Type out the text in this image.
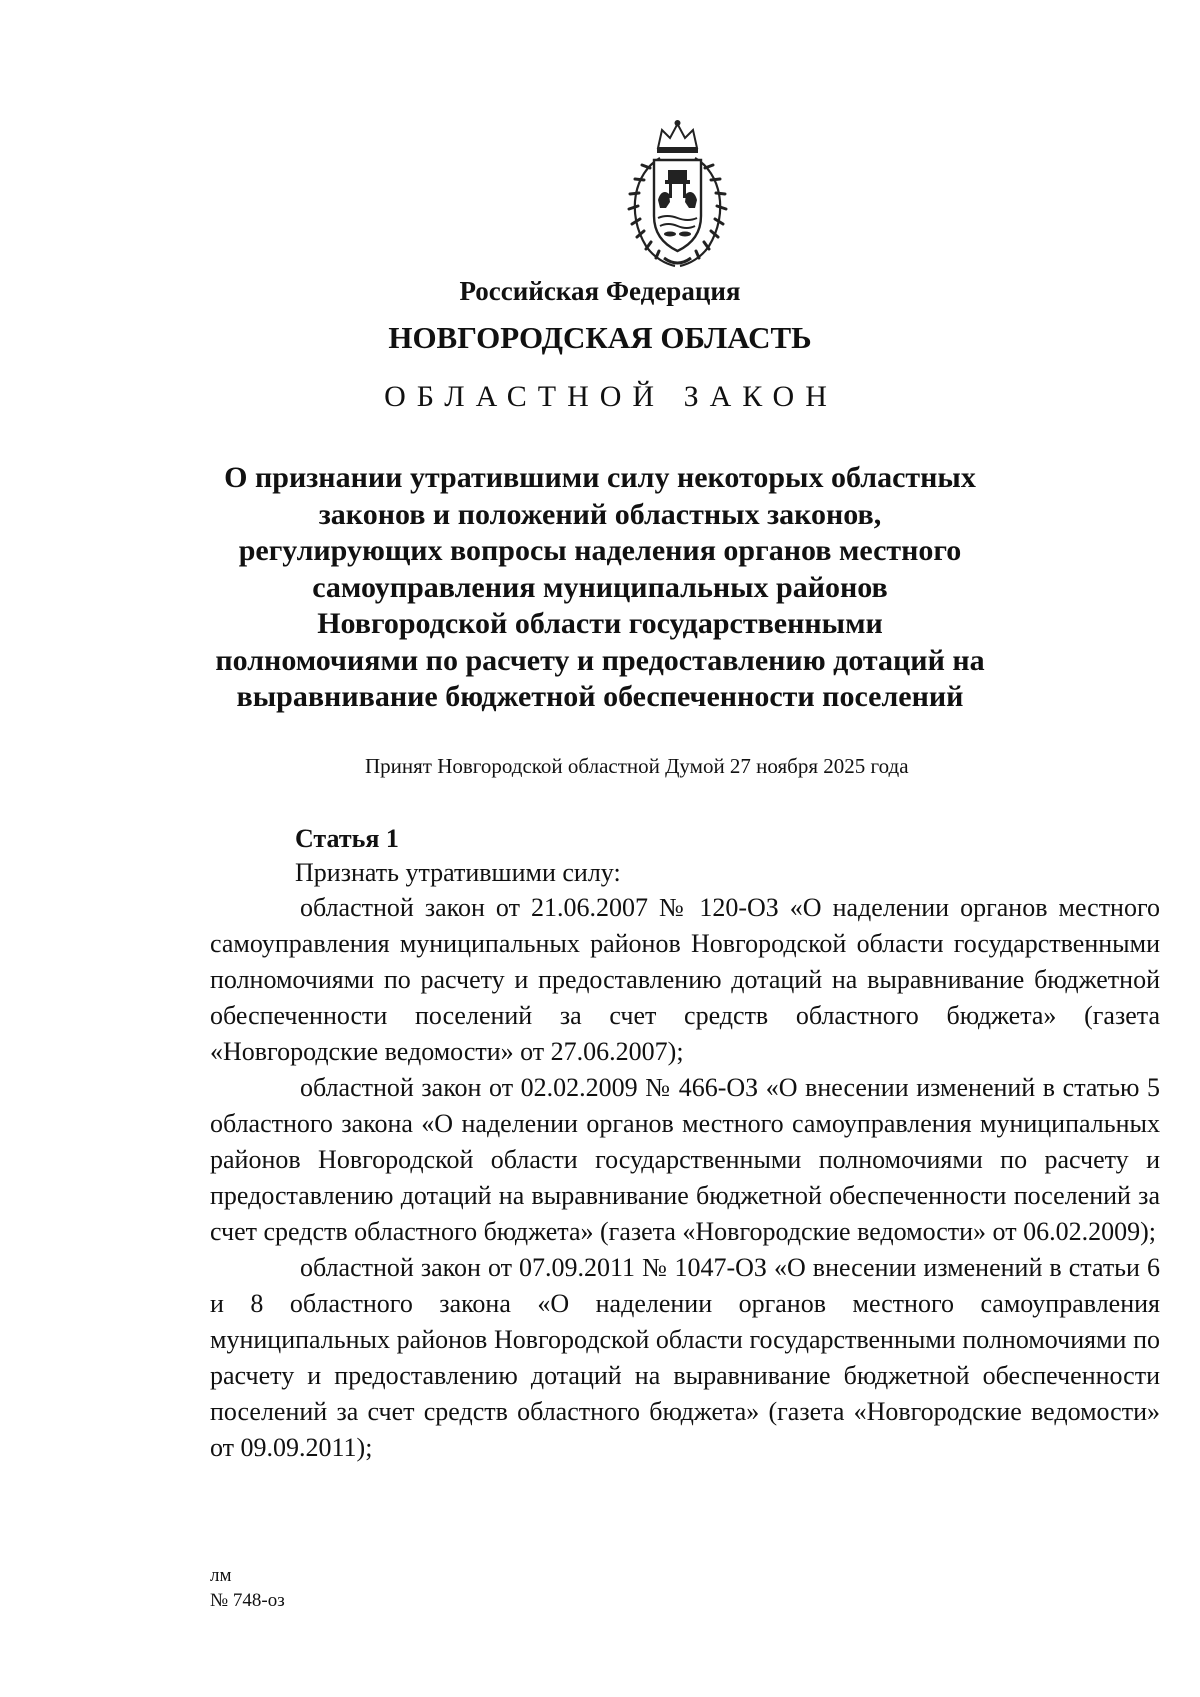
Российская Федерация
НОВГОРОДСКАЯ ОБЛАСТЬ
ОБЛАСТНОЙ ЗАКОН
О признании утратившими силу некоторых областных законов и положений областных законов, регулирующих вопросы наделения органов местного самоуправления муниципальных районов Новгородской области государственными полномочиями по расчету и предоставлению дотаций на выравнивание бюджетной обеспеченности поселений
Принят Новгородской областной Думой 27 ноября 2025 года
Статья 1
Признать утратившими силу:

областной закон от 21.06.2007 № 120-ОЗ «О наделении органов местного самоуправления муниципальных районов Новгородской области государственными полномочиями по расчету и предоставлению дотаций на выравнивание бюджетной обеспеченности поселений за счет средств областного бюджета» (газета «Новгородские ведомости» от 27.06.2007);

областной закон от 02.02.2009 № 466-ОЗ «О внесении изменений в статью 5 областного закона «О наделении органов местного самоуправления муниципальных районов Новгородской области государственными полномочиями по расчету и предоставлению дотаций на выравнивание бюджетной обеспеченности поселений за счет средств областного бюджета» (газета «Новгородские ведомости» от 06.02.2009);

областной закон от 07.09.2011 № 1047-ОЗ «О внесении изменений в статьи 6 и 8 областного закона «О наделении органов местного самоуправления муниципальных районов Новгородской области государственными полномочиями по расчету и предоставлению дотаций на выравнивание бюджетной обеспеченности поселений за счет средств областного бюджета» (газета «Новгородские ведомости» от 09.09.2011);

лм
№ 748-оз
